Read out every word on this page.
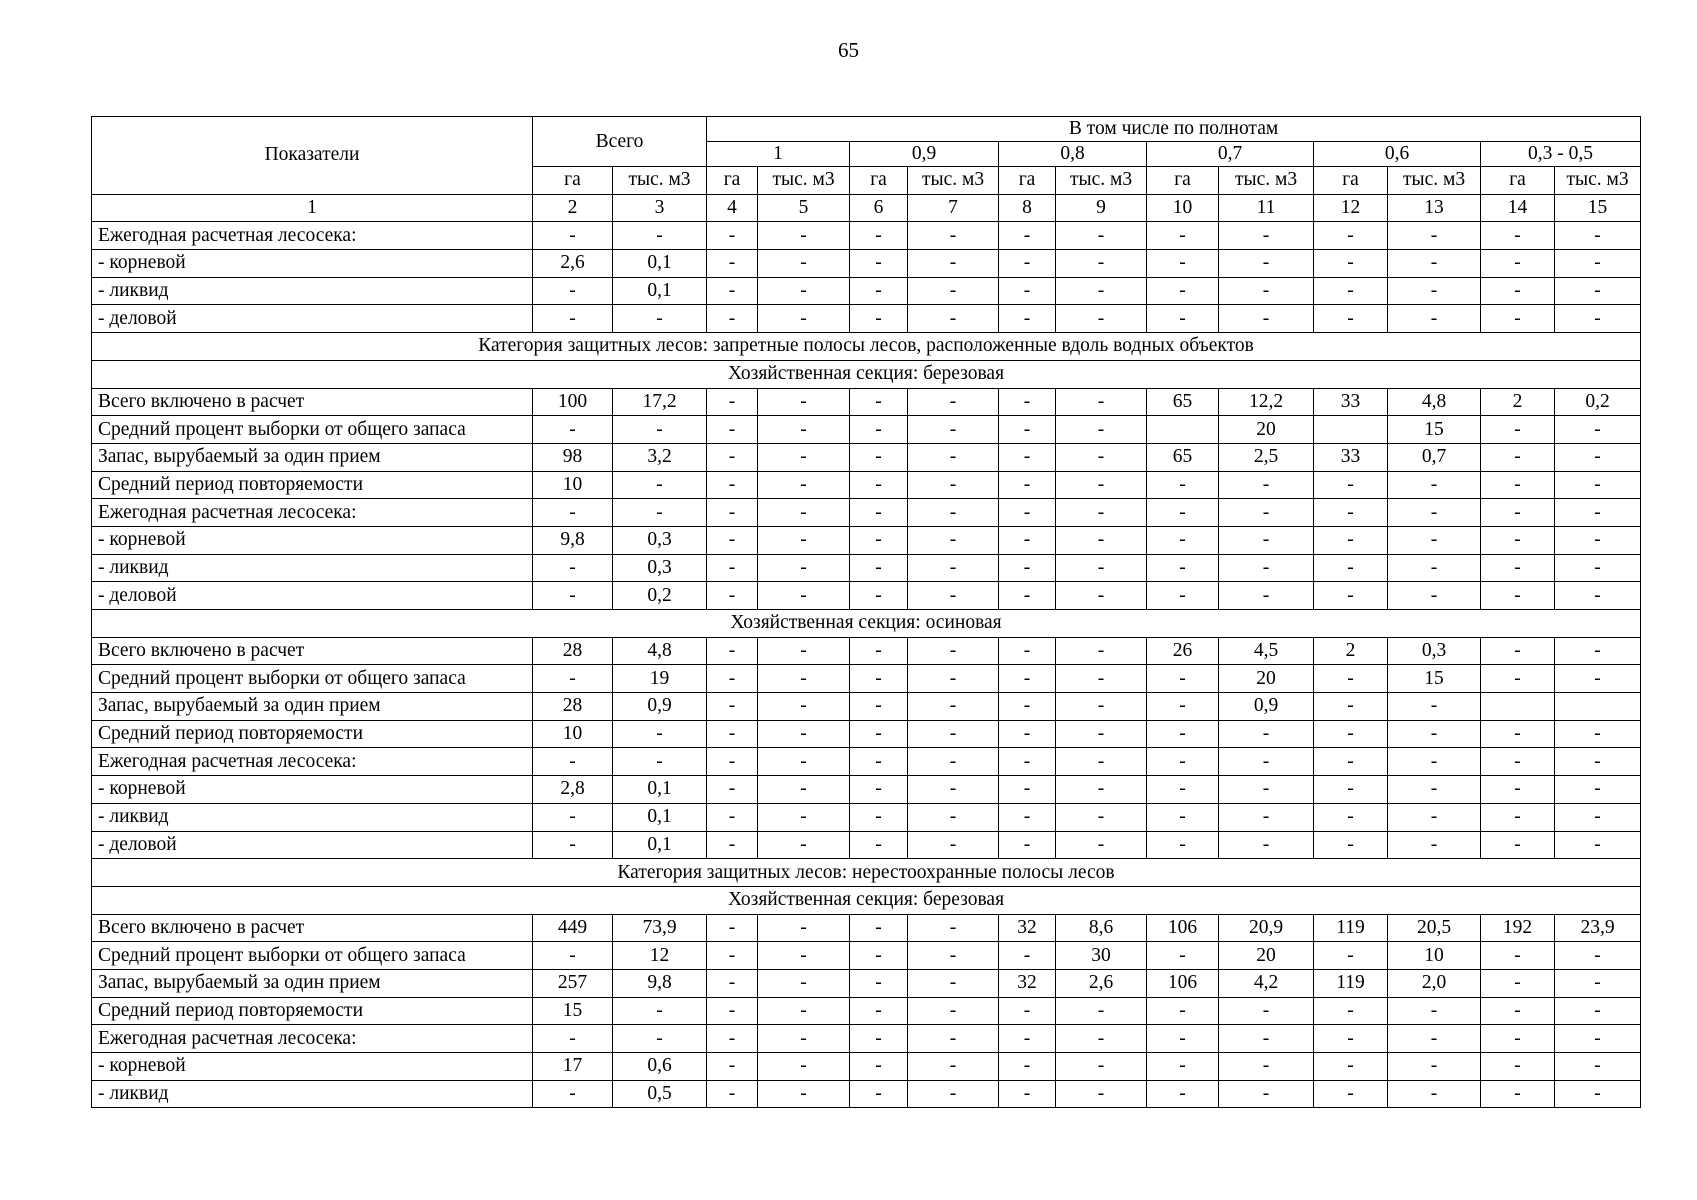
65
Показатели	Всего		В том числе по полнотам											
			1		0,9		0,8		0,7		0,6		0,3 - 0,5	
	га	тыс. м3	га	тыс. м3	га	тыс. м3	га	тыс. м3	га	тыс. м3	га	тыс. м3	га	тыс. м3
1	2	3	4	5	6	7	8	9	10	11	12	13	14	15
Ежегодная расчетная лесосека:	-	-	-	-	-	-	-	-	-	-	-	-	-	-
- корневой	2,6	0,1	-	-	-	-	-	-	-	-	-	-	-	-
- ликвид	-	0,1	-	-	-	-	-	-	-	-	-	-	-	-
- деловой	-	-	-	-	-	-	-	-	-	-	-	-	-	-
Категория защитных лесов: запретные полосы лесов, расположенные вдоль водных объектов														
Хозяйственная секция: березовая														
Всего включено в расчет	100	17,2	-	-	-	-	-	-	65	12,2	33	4,8	2	0,2
Средний процент выборки от общего запаса	-	-	-	-	-	-	-	-		20		15	-	-
Запас, вырубаемый за один прием	98	3,2	-	-	-	-	-	-	65	2,5	33	0,7	-	-
Средний период повторяемости	10	-	-	-	-	-	-	-	-	-	-	-	-	-
Ежегодная расчетная лесосека:	-	-	-	-	-	-	-	-	-	-	-	-	-	-
- корневой	9,8	0,3	-	-	-	-	-	-	-	-	-	-	-	-
- ликвид	-	0,3	-	-	-	-	-	-	-	-	-	-	-	-
- деловой	-	0,2	-	-	-	-	-	-	-	-	-	-	-	-
Хозяйственная секция: осиновая														
Всего включено в расчет	28	4,8	-	-	-	-	-	-	26	4,5	2	0,3	-	-
Средний процент выборки от общего запаса	-	19	-	-	-	-	-	-	-	20	-	15	-	-
Запас, вырубаемый за один прием	28	0,9	-	-	-	-	-	-	-	0,9	-	-		
Средний период повторяемости	10	-	-	-	-	-	-	-	-	-	-	-	-	-
Ежегодная расчетная лесосека:	-	-	-	-	-	-	-	-	-	-	-	-	-	-
- корневой	2,8	0,1	-	-	-	-	-	-	-	-	-	-	-	-
- ликвид	-	0,1	-	-	-	-	-	-	-	-	-	-	-	-
- деловой	-	0,1	-	-	-	-	-	-	-	-	-	-	-	-
Категория защитных лесов: нерестоохранные полосы лесов														
Хозяйственная секция: березовая														
Всего включено в расчет	449	73,9	-	-	-	-	32	8,6	106	20,9	119	20,5	192	23,9
Средний процент выборки от общего запаса	-	12	-	-	-	-	-	30	-	20	-	10	-	-
Запас, вырубаемый за один прием	257	9,8	-	-	-	-	32	2,6	106	4,2	119	2,0	-	-
Средний период повторяемости	15	-	-	-	-	-	-	-	-	-	-	-	-	-
Ежегодная расчетная лесосека:	-	-	-	-	-	-	-	-	-	-	-	-	-	-
- корневой	17	0,6	-	-	-	-	-	-	-	-	-	-	-	-
- ликвид	-	0,5	-	-	-	-	-	-	-	-	-	-	-	-
